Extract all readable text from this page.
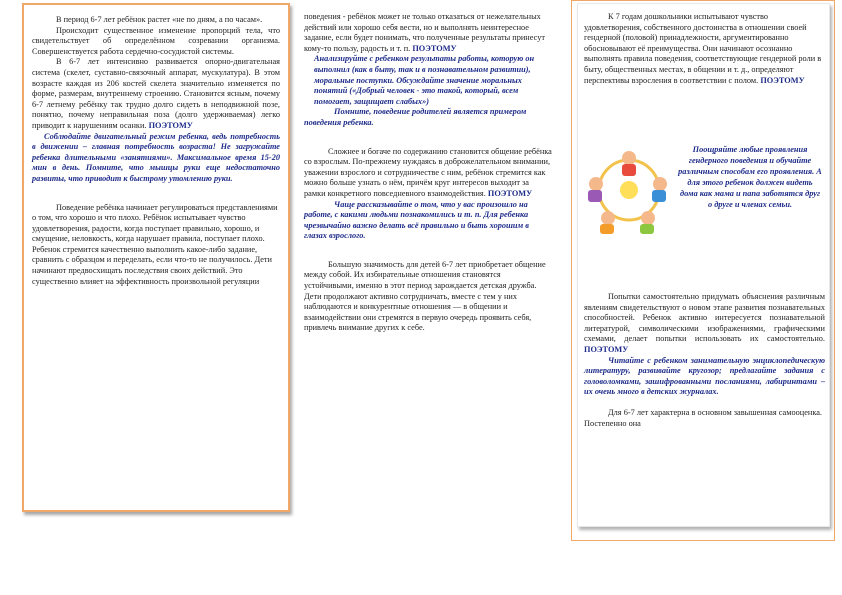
В период 6-7 лет ребёнок растет «не по дням, а по часам».

Происходит существенное изменение пропорций тела, что свидетельствует об определённом созревании организма. Совершенствуется работа сердечно-сосудистой системы.

В 6-7 лет интенсивно развивается опорно-двигательная система (скелет, суставно-связочный аппарат, мускулатура). В этом возрасте каждая из 206 костей скелета значительно изменяется по форме, размерам, внутреннему строению. Становится ясным, почему 6-7 летнему ребёнку так трудно долго сидеть в неподвижной позе, понятно, почему неправильная поза (долго удерживаемая) легко приводит к нарушениям осанки. ПОЭТОМУ

Соблюдайте двигательный режим ребенка, ведь потребность в движении – главная потребность возраста! Не загружайте ребенка длительными «занятиями». Максимальное время 15-20 мин в день. Помните, что мышцы руки еще недостаточно развиты, что приводит к быстрому утомлению руки.

Поведение ребёнка начинает регулироваться представлениями о том, что хорошо и что плохо. Ребёнок испытывает чувство удовлетворения, радости, когда поступает правильно, хорошо, и смущение, неловкость, когда нарушает правила, поступает плохо. Ребенок стремится качественно выполнить какое-либо задание, сравнить с образцом и переделать, если что-то не получилось. Дети начинают предвосхищать последствия своих действий. Это существенно влияет на эффективность произвольной регуляции

поведения - ребёнок может не только отказаться от нежелательных действий или хорошо себя вести, но и выполнять неинтересное задание, если будет понимать, что полученные результаты принесут кому-то пользу, радость и т. п. ПОЭТОМУ

Анализируйте с ребенком результаты работы, которую он выполнил (как в быту, так и в познавательном развитии), моральные поступки. Обсуждайте значение моральных понятий («Добрый человек - это такой, который, всем помогает, защищает слабых»)

Помните, поведение родителей является примером поведения ребенка.

Сложнее и богаче по содержанию становится общение ребёнка со взрослым. По-прежнему нуждаясь в доброжелательном внимании, уважении взрослого и сотрудничестве с ним, ребёнок стремится как можно больше узнать о нём, причём круг интересов выходит за рамки конкретного повседневного взаимодействия. ПОЭТОМУ

Чаще рассказывайте о том, что у вас произошло на работе, с какими людьми познакомились и т. п. Для ребенка чрезвычайно важно делать всё правильно и быть хорошим в глазах взрослого.

Большую значимость для детей 6-7 лет приобретает общение между собой. Их избирательные отношения становятся устойчивыми, именно в этот период зарождается детская дружба. Дети продолжают активно сотрудничать, вместе с тем у них наблюдаются и конкурентные отношения — в общении и взаимодействии они стремятся в первую очередь проявить себя, привлечь внимание других к себе.

К 7 годам дошкольники испытывают чувство удовлетворения, собственного достоинства в отношении своей гендерной (половой) принадлежности, аргументированно обосновывают её преимущества. Они начинают осознанно выполнять правила поведения, соответствующие гендерной роли в быту, общественных местах, в общении и т. д., определяют перспективы взросления в соответствии с полом. ПОЭТОМУ

Поощряйте любые проявления гендерного поведения и обучайте различным способам его проявления. А для этого ребенок должен видеть дома как мама и папа заботятся друг о друге и членах семьи.

Попытки самостоятельно придумать объяснения различным явлениям свидетельствуют о новом этапе развития познавательных способностей. Ребенок активно интересуется познавательной литературой, символическими изображениями, графическими схемами, делает попытки использовать их самостоятельно. ПОЭТОМУ

Читайте с ребенком занимательную энциклопедическую литературу, развивайте кругозор; предлагайте задания с головоломками, зашифрованными посланиями, лабиринтами – их очень много в детских журналах.

Для 6-7 лет характерна в основном завышенная самооценка. Постепенно она
